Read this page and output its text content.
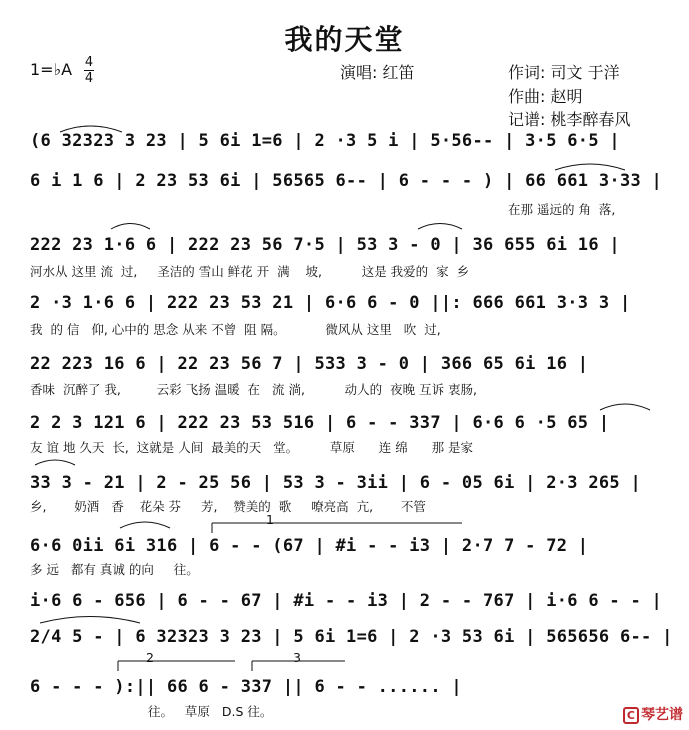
我的天堂
1=♭A 4
4	演唱: 红笛	作词: 司文 于洋
作曲: 赵明
记谱: 桃李醉春风
(6 32323 3 23 | 5 6i 1=6 | 2 ·3 5 i | 5·56-- | 3·5 6·5 |
6 i 1 6 | 2 23 53 6i | 56565 6-- | 6 - - - ) | 66 661 3·33 |
在那 遥远的 角  落,
222 23 1·6 6 | 222 23 56 7·5 | 53 3 - 0 | 36 655 6i 16 |
河水从 这里 流  过,     圣洁的 雪山 鲜花 开  满    坡,          这是 我爱的  家  乡
2 ·3 1·6 6 | 222 23 53 21 | 6·6 6 - 0 ||: 666 661 3·3 3 |
我  的 信   仰, 心中的 思念 从来 不曾  阻 隔。          微风从 这里   吹  过,
22 223 16 6 | 22 23 56 7 | 533 3 - 0 | 366 65 6i 16 |
香味  沉醉了 我,         云彩 飞扬 温暖  在   流 淌,          动人的  夜晚 互诉 衷肠,
2 2 3 121 6 | 222 23 53 516 | 6 - - 337 | 6·6 6 ·5 65 |
友 谊 地 久天  长,  这就是 人间  最美的天   堂。        草原      连 绵      那 是家
33 3 - 21 | 2 - 25 56 | 53 3 - 3ii | 6 - 05 6i | 2·3 265 |
乡,       奶酒   香    花朵 芬     芳,    赞美的  歌     嘹亮高  亢,       不管
6·6 0ii 6i 316 | 6 - - (67 | #i - - i3 | 2·7 7 - 72 |
多 远   都有 真诚 的向     往。
i·6 6 - 656 | 6 - - 67 | #i - - i3 | 2 - - 767 | i·6 6 - - |
2/4 5 - | 6 32323 3 23 | 5 6i 1=6 | 2 ·3 53 6i | 565656 6-- |
6 - - - ):|| 66 6 - 337 || 6 - - ...... |
往。   草原   D.S 往。
1
2	3
C 琴艺谱
